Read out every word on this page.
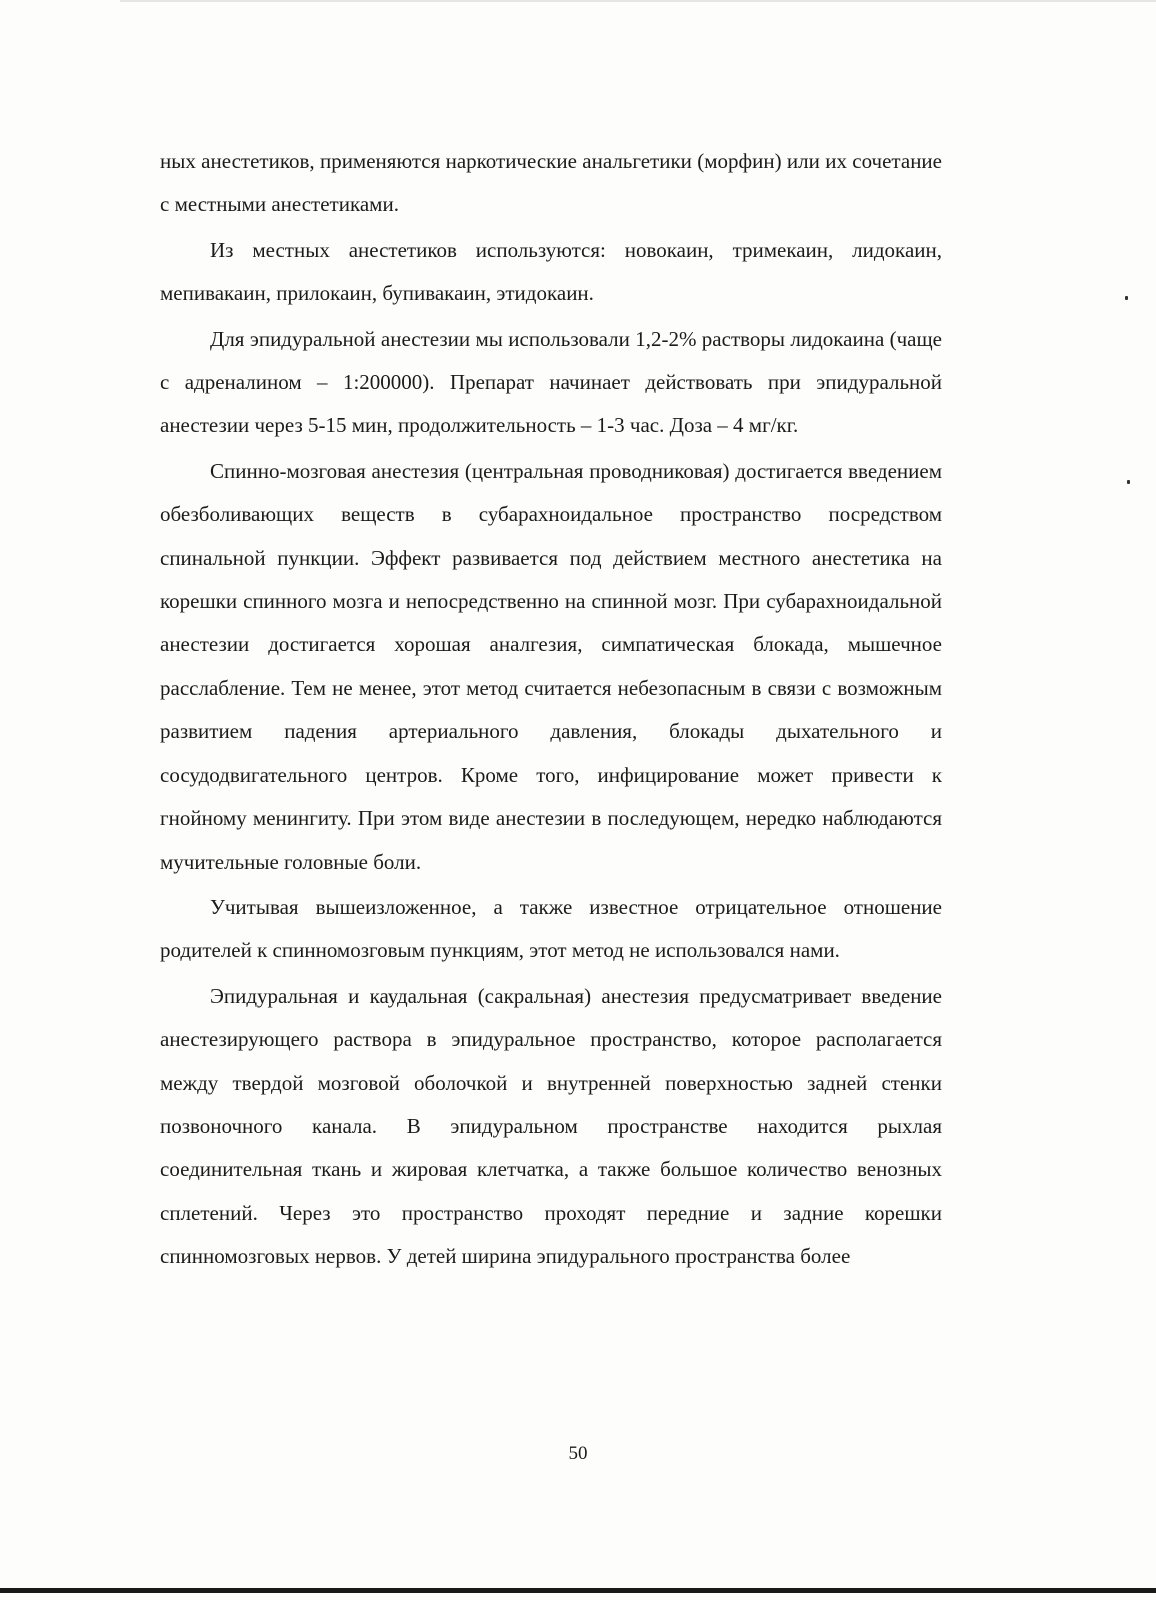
ных анестетиков, применяются наркотические анальгетики (морфин) или их сочетание с местными анестетиками.

Из местных анестетиков используются: новокаин, тримекаин, лидокаин, мепивакаин, прилокаин, бупивакаин, этидокаин.

Для эпидуральной анестезии мы использовали 1,2-2% растворы лидокаина (чаще с адреналином – 1:200000). Препарат начинает действовать при эпидуральной анестезии через 5-15 мин, продолжительность – 1-3 час. Доза – 4 мг/кг.

Спинно-мозговая анестезия (центральная проводниковая) достигается введением обезболивающих веществ в субарахноидальное пространство посредством спинальной пункции. Эффект развивается под действием местного анестетика на корешки спинного мозга и непосредственно на спинной мозг. При субарахноидальной анестезии достигается хорошая аналгезия, симпатическая блокада, мышечное расслабление. Тем не менее, этот метод считается небезопасным в связи с возможным развитием падения артериального давления, блокады дыхательного и сосудодвигательного центров. Кроме того, инфицирование может привести к гнойному менингиту. При этом виде анестезии в последующем, нередко наблюдаются мучительные головные боли.

Учитывая вышеизложенное, а также известное отрицательное отношение родителей к спинномозговым пункциям, этот метод не использовался нами.

Эпидуральная и каудальная (сакральная) анестезия предусматривает введение анестезирующего раствора в эпидуральное пространство, которое располагается между твердой мозговой оболочкой и внутренней поверхностью задней стенки позвоночного канала. В эпидуральном пространстве находится рыхлая соединительная ткань и жировая клетчатка, а также большое количество венозных сплетений. Через это пространство проходят передние и задние корешки спинномозговых нервов. У детей ширина эпидурального пространства более

50
